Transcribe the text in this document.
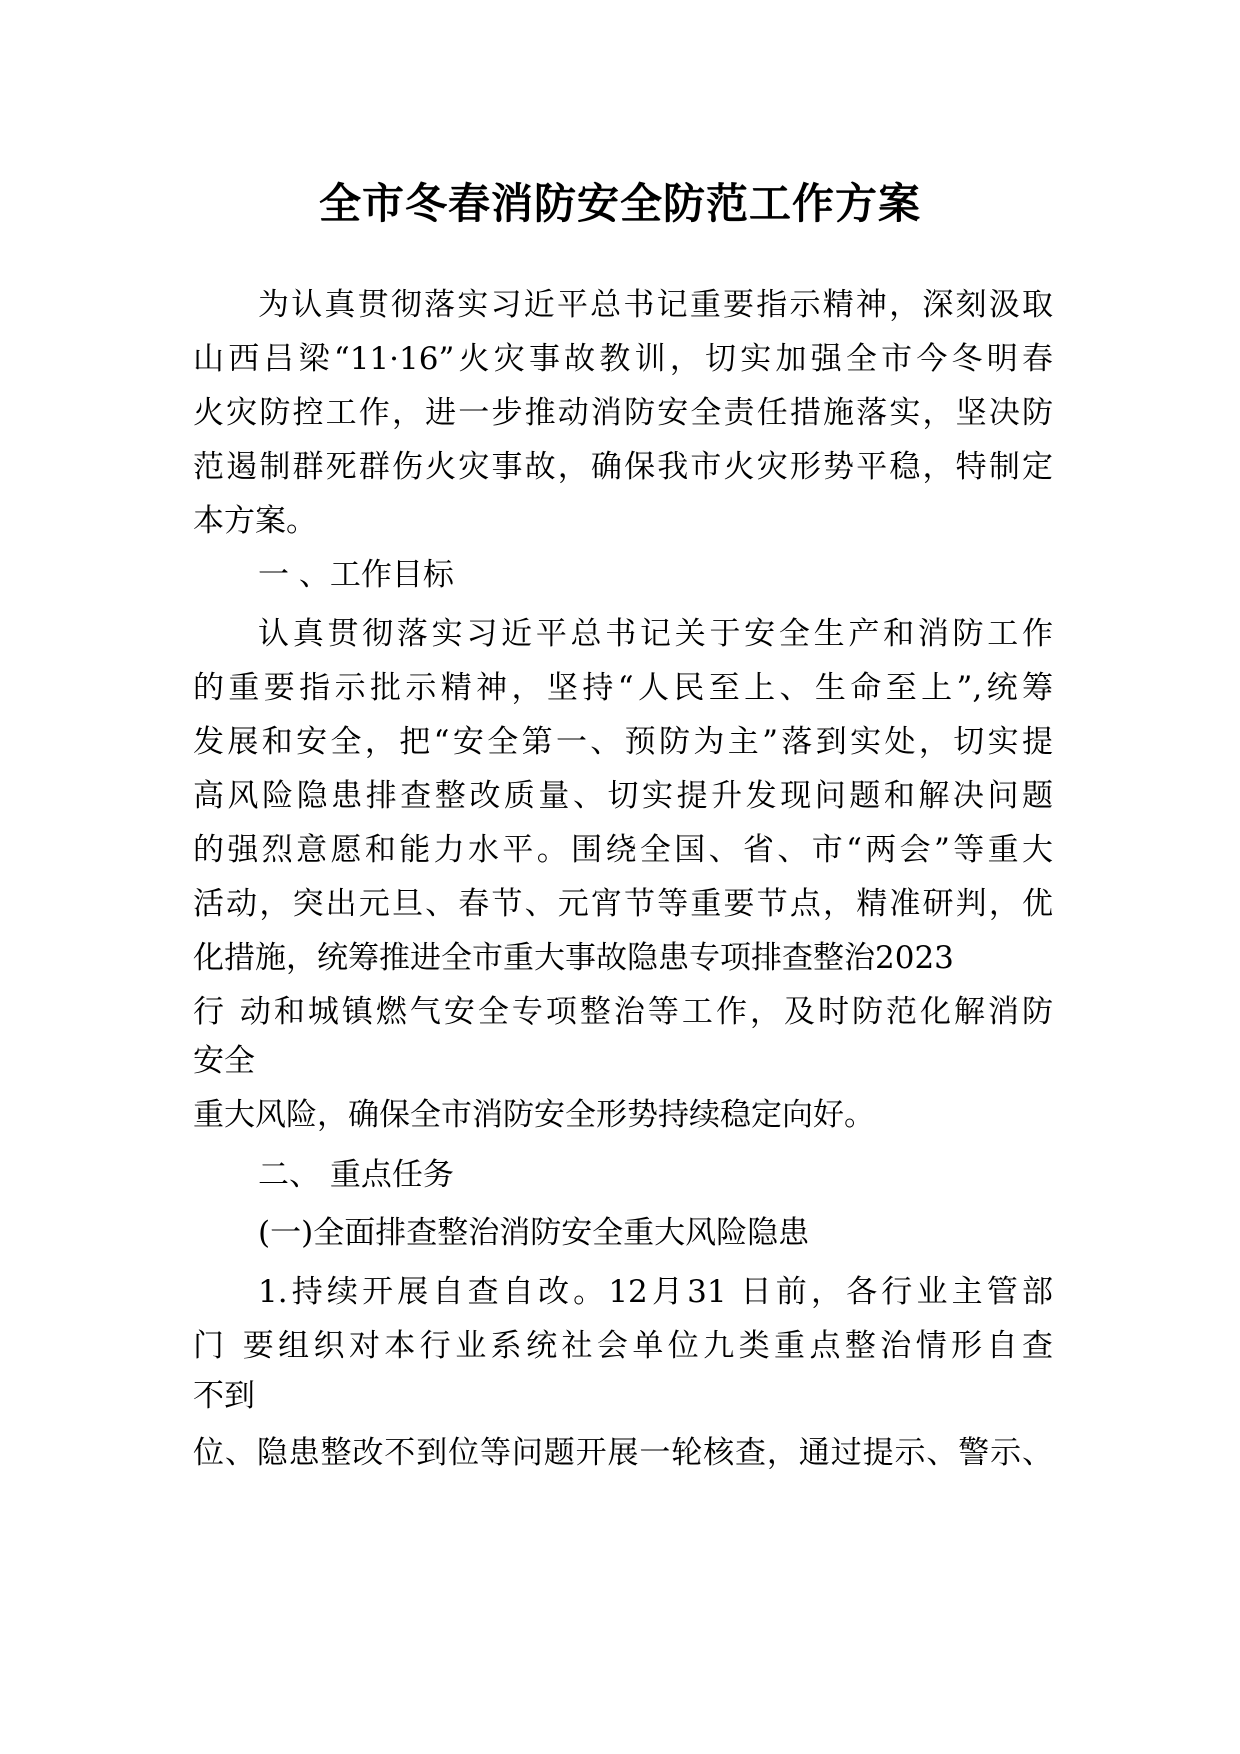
全市冬春消防安全防范工作方案

为认真贯彻落实习近平总书记重要指示精神，深刻汲取

山西吕梁“11·16”火灾事故教训，切实加强全市今冬明春

火灾防控工作，进一步推动消防安全责任措施落实，坚决防

范遏制群死群伤火灾事故，确保我市火灾形势平稳，特制定

本方案。

一 、工作目标

认真贯彻落实习近平总书记关于安全生产和消防工作

的重要指示批示精神，坚持“人民至上、生命至上”,统筹

发展和安全，把“安全第一、预防为主”落到实处，切实提

高风险隐患排查整改质量、切实提升发现问题和解决问题

的强烈意愿和能力水平。围绕全国、省、市“两会”等重大

活动，突出元旦、春节、元宵节等重要节点，精准研判，优

化措施，统筹推进全市重大事故隐患专项排查整治2023

行 动和城镇燃气安全专项整治等工作，及时防范化解消防

安全

重大风险，确保全市消防安全形势持续稳定向好。

二、 重点任务

(一)全面排查整治消防安全重大风险隐患

1.持续开展自查自改。12月31 日前，各行业主管部

门 要组织对本行业系统社会单位九类重点整治情形自查

不到

位、隐患整改不到位等问题开展一轮核查，通过提示、警示、
